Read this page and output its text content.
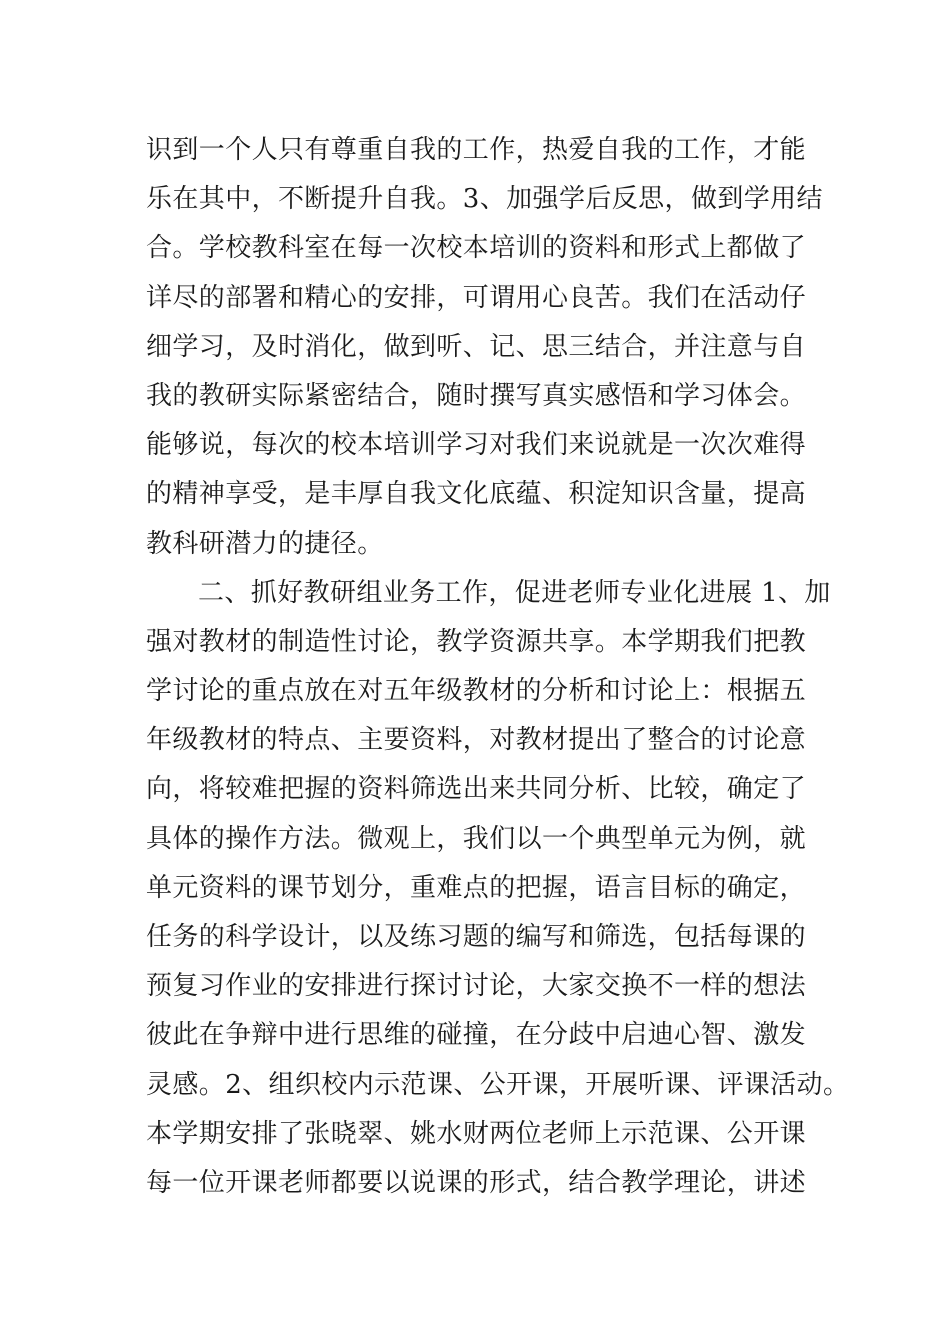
识到一个人只有尊重自我的工作，热爱自我的工作，才能
乐在其中，不断提升自我。3、加强学后反思，做到学用结
合。学校教科室在每一次校本培训的资料和形式上都做了
详尽的部署和精心的安排，可谓用心良苦。我们在活动仔
细学习，及时消化，做到听、记、思三结合，并注意与自
我的教研实际紧密结合，随时撰写真实感悟和学习体会。
能够说，每次的校本培训学习对我们来说就是一次次难得
的精神享受，是丰厚自我文化底蕴、积淀知识含量，提高
教科研潜力的捷径。
二、抓好教研组业务工作，促进老师专业化进展 1、加
强对教材的制造性讨论，教学资源共享。本学期我们把教
学讨论的重点放在对五年级教材的分析和讨论上：根据五
年级教材的特点、主要资料，对教材提出了整合的讨论意
向，将较难把握的资料筛选出来共同分析、比较，确定了
具体的操作方法。微观上，我们以一个典型单元为例，就
单元资料的课节划分，重难点的把握，语言目标的确定，
任务的科学设计，以及练习题的编写和筛选，包括每课的
预复习作业的安排进行探讨讨论，大家交换不一样的想法
彼此在争辩中进行思维的碰撞，在分歧中启迪心智、激发
灵感。2、组织校内示范课、公开课，开展听课、评课活动。
本学期安排了张晓翠、姚水财两位老师上示范课、公开课
每一位开课老师都要以说课的形式，结合教学理论，讲述
